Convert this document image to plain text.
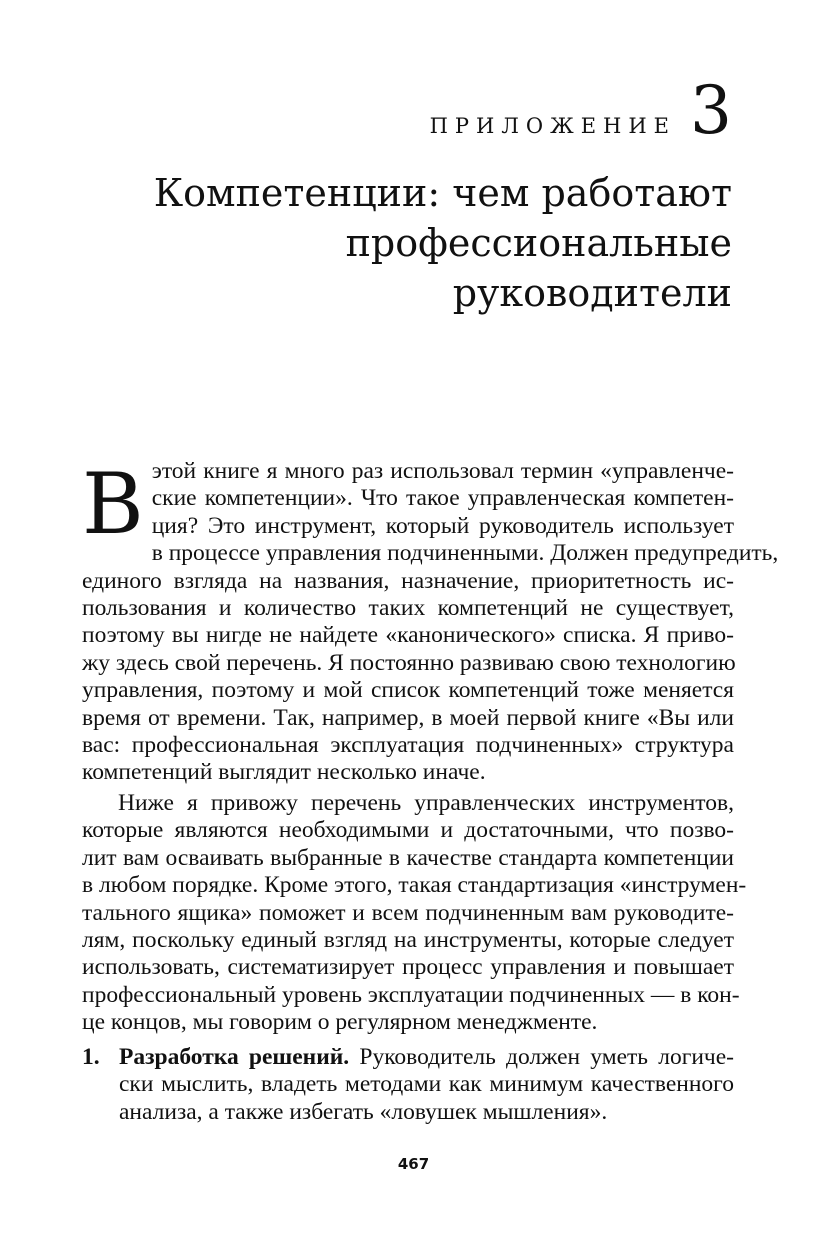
ПРИЛОЖЕНИЕ 3
Компетенции: чем работают
профессиональные руководители

В этой книге я много раз использовал термин «управленче-
ские компетенции». Что такое управленческая компетен-
ция? Это инструмент, который руководитель использует
в процессе управления подчиненными. Должен предупредить,
единого взгляда на названия, назначение, приоритетность ис-
пользования и количество таких компетенций не существует,
поэтому вы нигде не найдете «канонического» списка. Я приво-
жу здесь свой перечень. Я постоянно развиваю свою технологию
управления, поэтому и мой список компетенций тоже меняется
время от времени. Так, например, в моей первой книге «Вы или
вас: профессиональная эксплуатация подчиненных» структура
компетенций выглядит несколько иначе.

Ниже я привожу перечень управленческих инструментов,
которые являются необходимыми и достаточными, что позво-
лит вам осваивать выбранные в качестве стандарта компетенции
в любом порядке. Кроме этого, такая стандартизация «инструмен-
тального ящика» поможет и всем подчиненным вам руководите-
лям, поскольку единый взгляд на инструменты, которые следует
использовать, систематизирует процесс управления и повышает
профессиональный уровень эксплуатации подчиненных — в кон-
це концов, мы говорим о регулярном менеджменте.

1. Разработка решений. Руководитель должен уметь логиче-
ски мыслить, владеть методами как минимум качественного
анализа, а также избегать «ловушек мышления».
467
